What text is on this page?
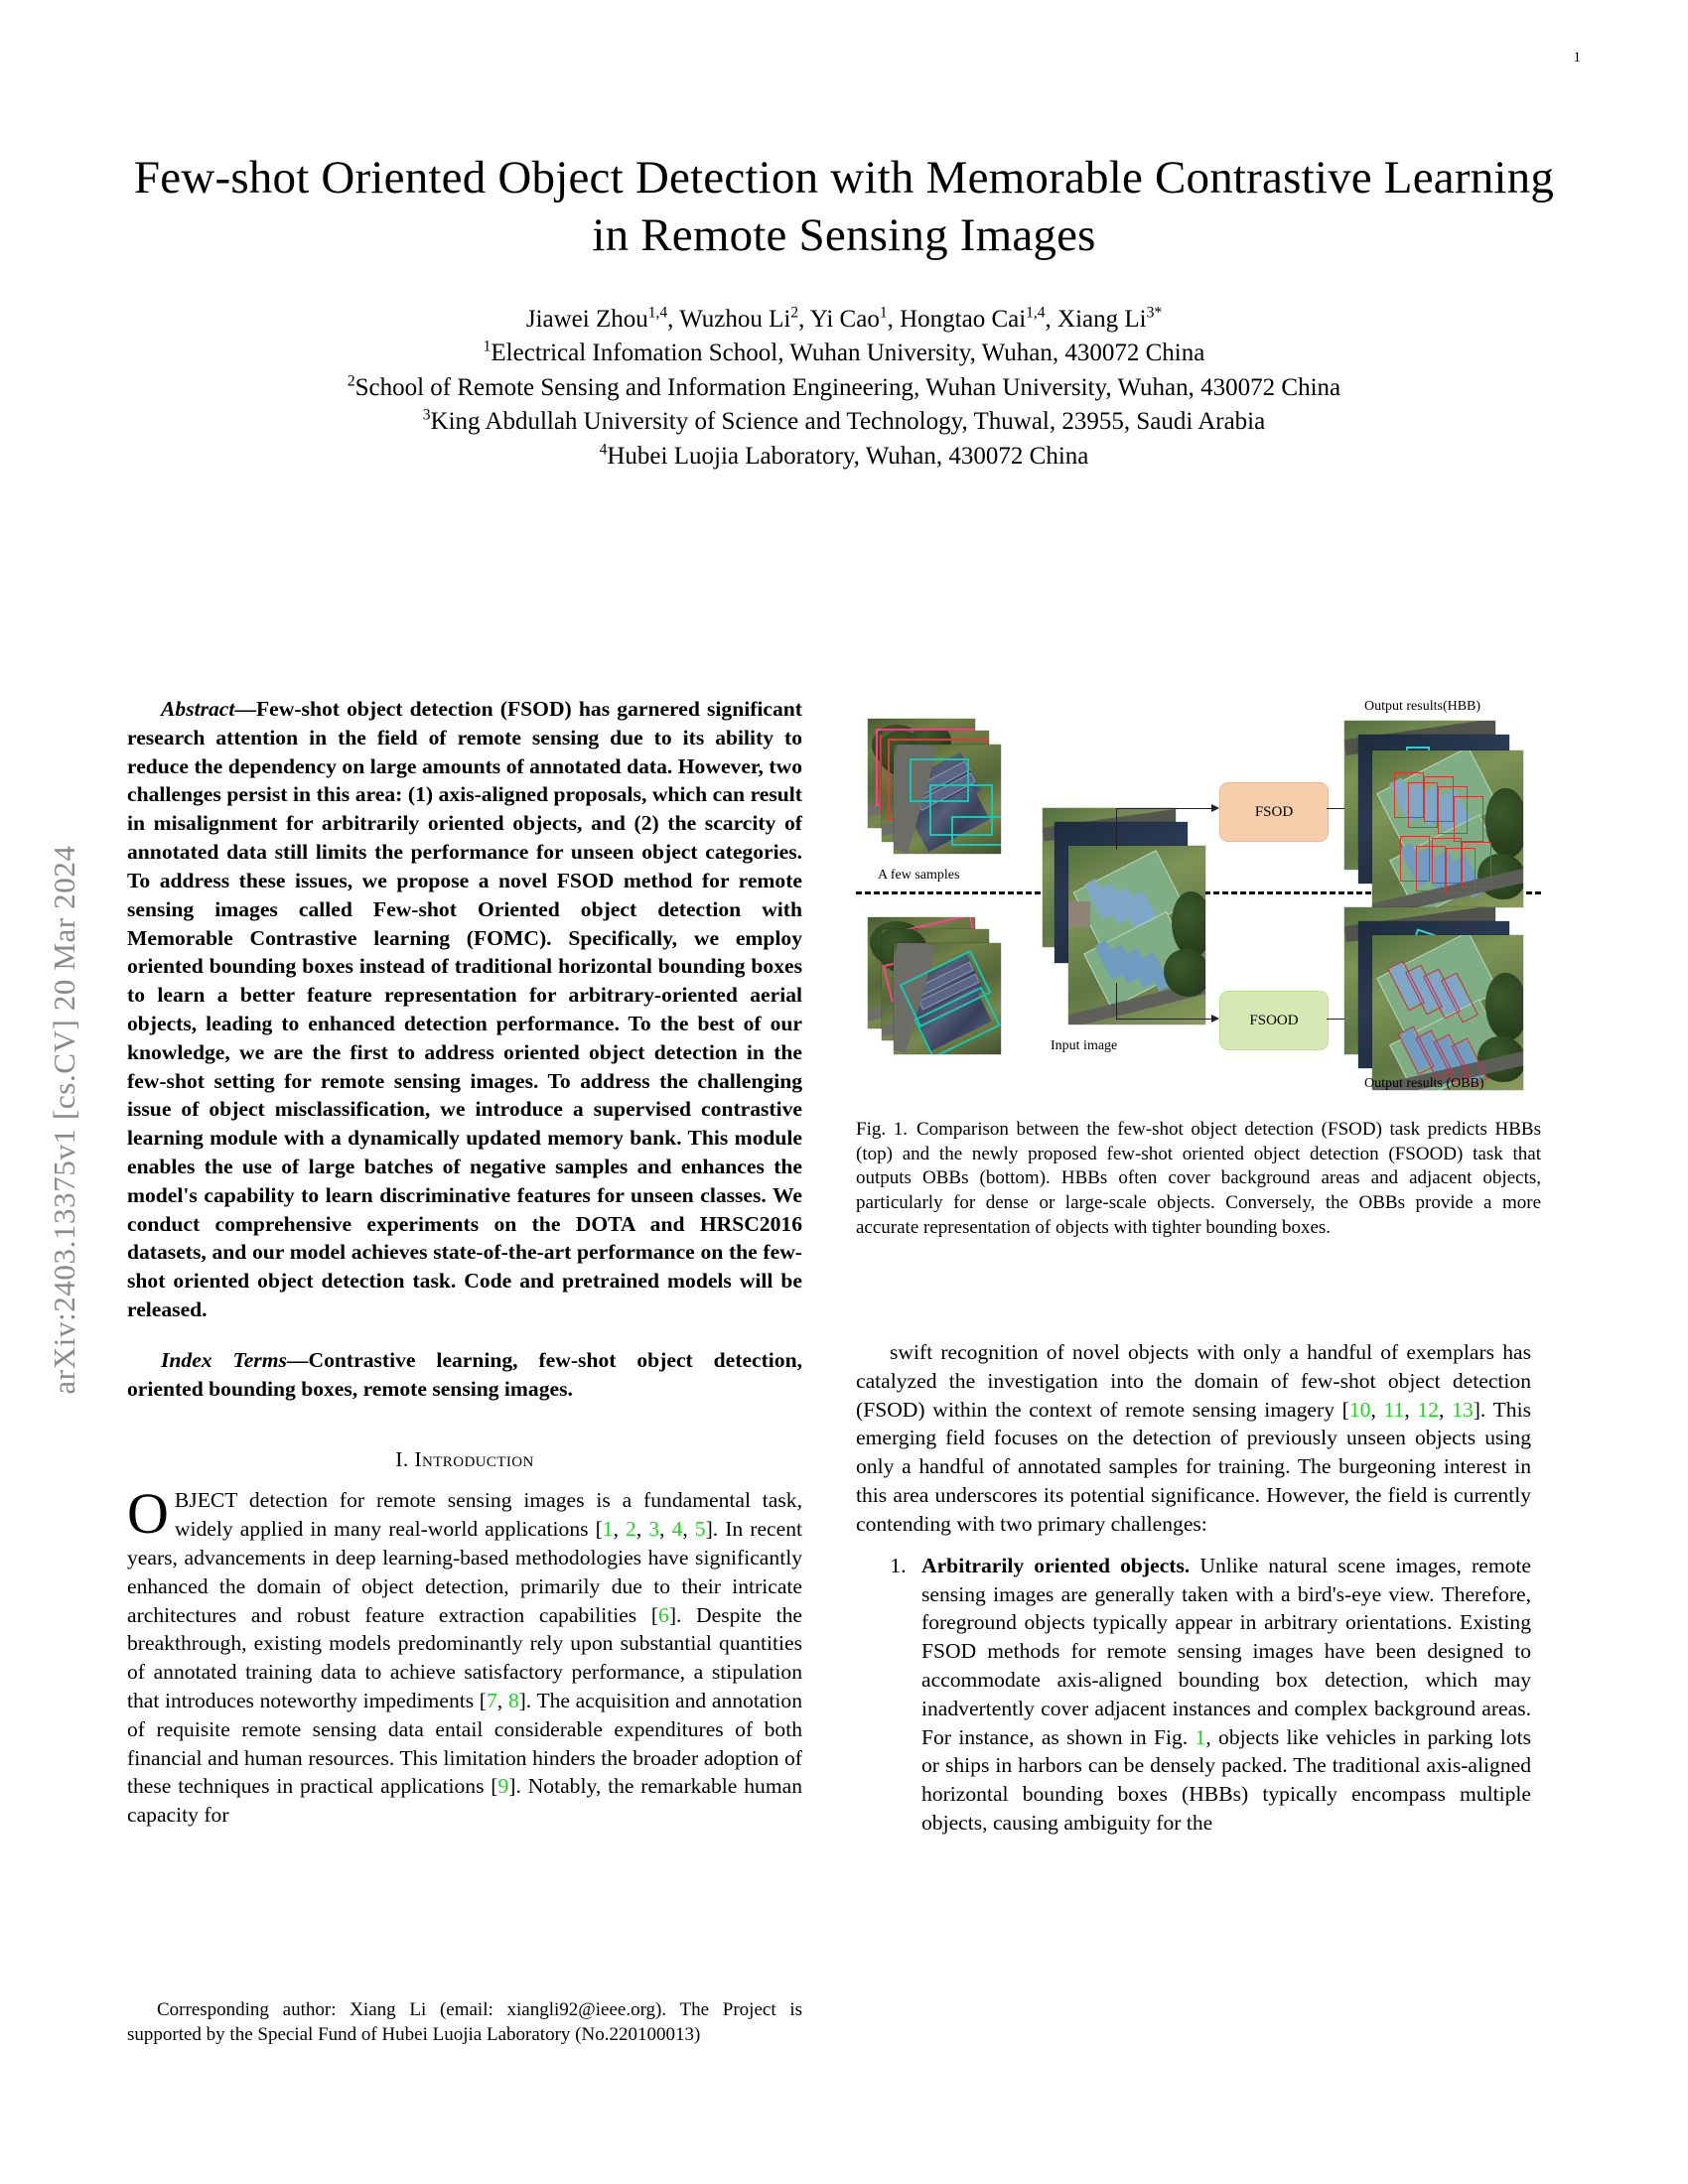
1
arXiv:2403.13375v1 [cs.CV] 20 Mar 2024
Few-shot Oriented Object Detection with Memorable Contrastive Learning in Remote Sensing Images
Jiawei Zhou$^{1,4}$, Wuzhou Li$^2$, Yi Cao$^1$, Hongtao Cai$^{1,4}$, Xiang $Li^{3*}$
$^1$Electrical Infomation School, Wuhan University, Wuhan, 430072 China
$^2$School of Remote Sensing and Information Engineering, Wuhan University, Wuhan, 430072 China
$^3$King Abdullah University of Science and Technology, Thuwal, 23955, Saudi Arabia
$^4$Hubei Luojia Laboratory, Wuhan, 430072 China

Abstract—Few-shot object detection (FSOD) has garnered significant research attention in the field of remote sensing due to its ability to reduce the dependency on large amounts of annotated data. However, two challenges persist in this area: (1) axis-aligned proposals, which can result in misalignment for arbitrarily oriented objects, and (2) the scarcity of annotated data still limits the performance for unseen object categories. To address these issues, we propose a novel FSOD method for remote sensing images called Few-shot Oriented object detection with Memorable Contrastive learning (FOMC). Specifically, we employ oriented bounding boxes instead of traditional horizontal bounding boxes to learn a better feature representation for arbitrary-oriented aerial objects, leading to enhanced detection performance. To the best of our knowledge, we are the first to address oriented object detection in the few-shot setting for remote sensing images. To address the challenging issue of object misclassification, we introduce a supervised contrastive learning module with a dynamically updated memory bank. This module enables the use of large batches of negative samples and enhances the model's capability to learn discriminative features for unseen classes. We conduct comprehensive experiments on the DOTA and HRSC2016 datasets, and our model achieves state-of-the-art performance on the few-shot oriented object detection task. Code and pretrained models will be released.

Index Terms—Contrastive learning, few-shot object detection, oriented bounding boxes, remote sensing images.

I. Introduction

OBJECT detection for remote sensing images is a fundamental task, widely applied in many real-world applications [1, 2, 3, 4, 5]. In recent years, advancements in deep learning-based methodologies have significantly enhanced the domain of object detection, primarily due to their intricate architectures and robust feature extraction capabilities [6]. Despite the breakthrough, existing models predominantly rely upon substantial quantities of annotated training data to achieve satisfactory performance, a stipulation that introduces noteworthy impediments [7, 8]. The acquisition and annotation of requisite remote sensing data entail considerable expenditures of both financial and human resources. This limitation hinders the broader adoption of these techniques in practical applications [9]. Notably, the remarkable human capacity for

swift recognition of novel objects with only a handful of exemplars has catalyzed the investigation into the domain of few-shot object detection (FSOD) within the context of remote sensing imagery [10, 11, 12, 13]. This emerging field focuses on the detection of previously unseen objects using only a handful of annotated samples for training. The burgeoning interest in this area underscores its potential significance. However, the field is currently contending with two primary challenges:

1. Arbitrarily oriented objects. Unlike natural scene images, remote sensing images are generally taken with a bird's-eye view. Therefore, foreground objects typically appear in arbitrary orientations. Existing FSOD methods for remote sensing images have been designed to accommodate axis-aligned bounding box detection, which may inadvertently cover adjacent instances and complex background areas. For instance, as shown in Fig. 1, objects like vehicles in parking lots or ships in harbors can be densely packed. The traditional axis-aligned horizontal bounding boxes (HBBs) typically encompass multiple objects, causing ambiguity for the
Corresponding author: Xiang Li (email: xiangli92@ieee.org). The Project is supported by the Special Fund of Hubei Luojia Laboratory (No.220100013)
A few samples
Input image
FSOD
FSOOD
Output results(HBB)
Output results (OBB)
Fig. 1. Comparison between the few-shot object detection (FSOD) task predicts HBBs (top) and the newly proposed few-shot oriented object detection (FSOOD) task that outputs OBBs (bottom). HBBs often cover background areas and adjacent objects, particularly for dense or large-scale objects. Conversely, the OBBs provide a more accurate representation of objects with tighter bounding boxes.
